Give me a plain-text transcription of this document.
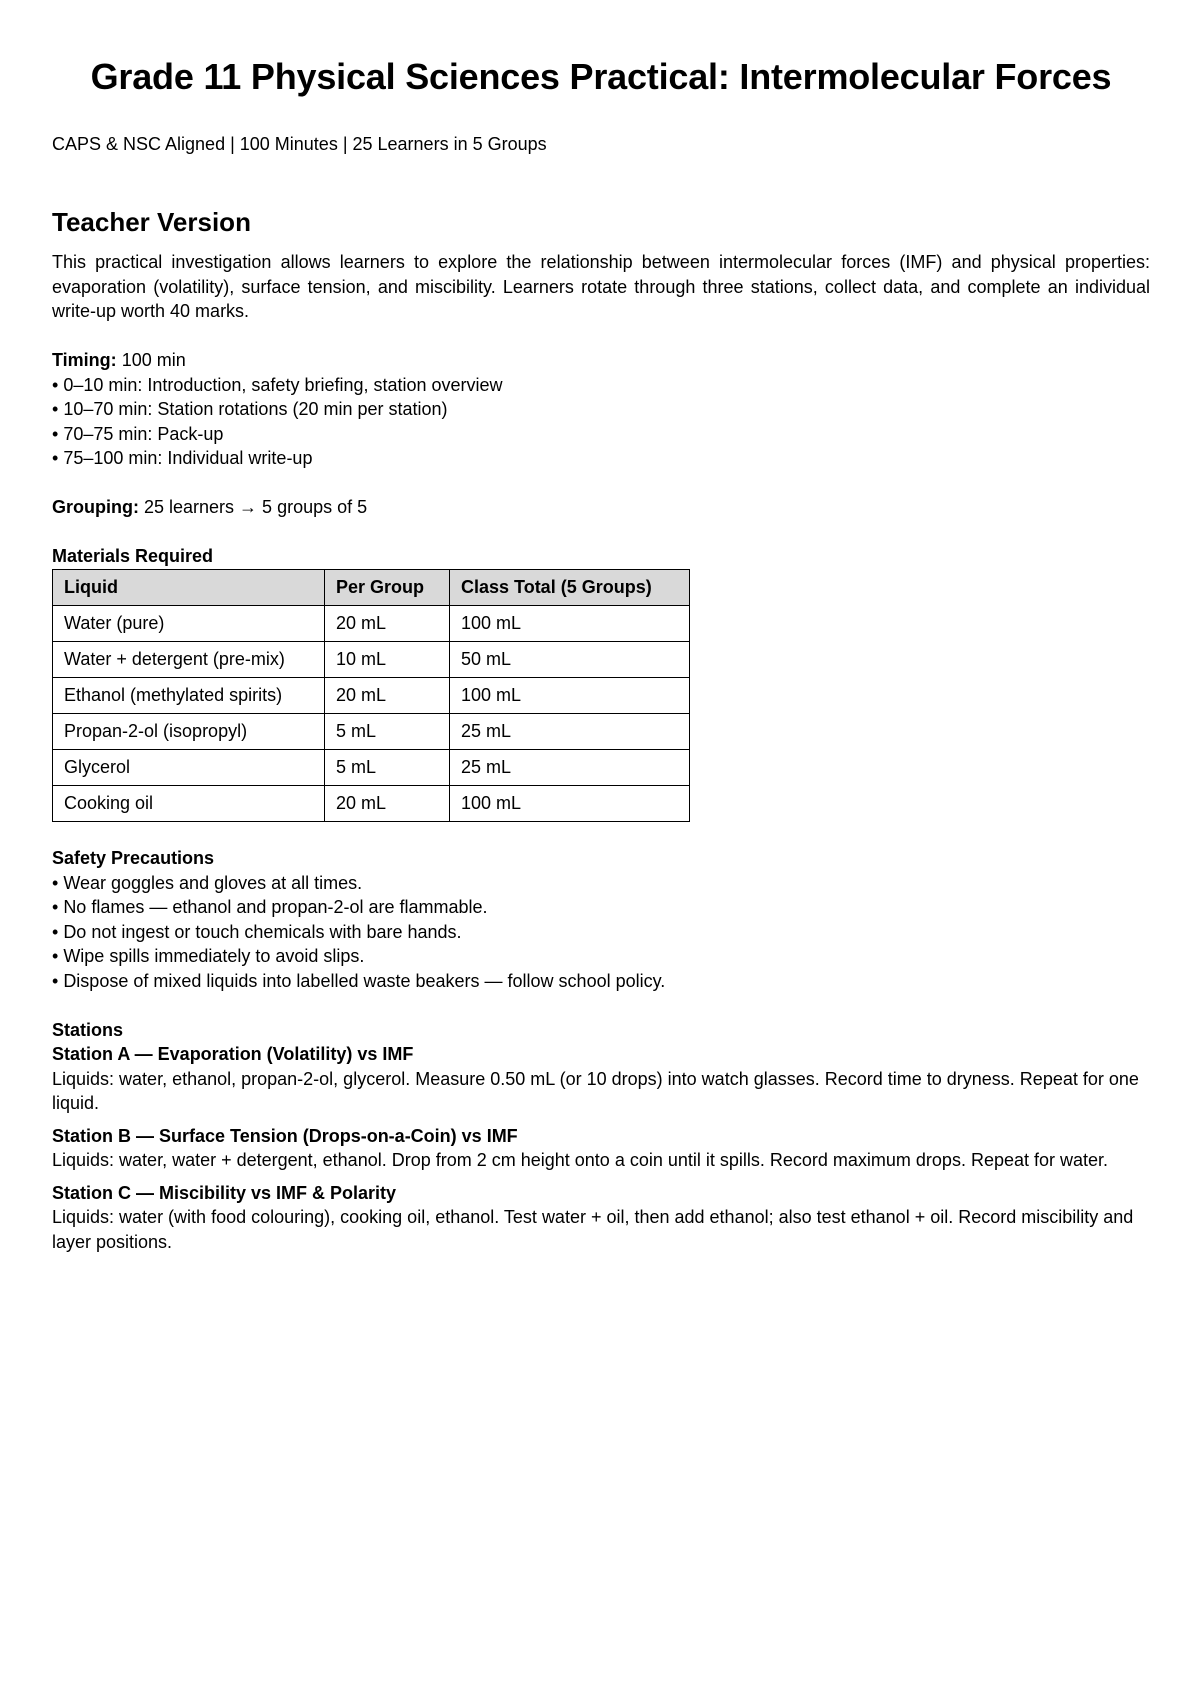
Grade 11 Physical Sciences Practical: Intermolecular Forces
CAPS & NSC Aligned | 100 Minutes | 25 Learners in 5 Groups
Teacher Version
This practical investigation allows learners to explore the relationship between intermolecular forces (IMF) and physical properties: evaporation (volatility), surface tension, and miscibility. Learners rotate through three stations, collect data, and complete an individual write-up worth 40 marks.
Timing: 100 min
• 0–10 min: Introduction, safety briefing, station overview
• 10–70 min: Station rotations (20 min per station)
• 70–75 min: Pack-up
• 75–100 min: Individual write-up
Grouping: 25 learners → 5 groups of 5
Materials Required
Liquid	Per Group	Class Total (5 Groups)
Water (pure)	20 mL	100 mL
Water + detergent (pre-mix)	10 mL	50 mL
Ethanol (methylated spirits)	20 mL	100 mL
Propan-2-ol (isopropyl)	5 mL	25 mL
Glycerol	5 mL	25 mL
Cooking oil	20 mL	100 mL
Safety Precautions
• Wear goggles and gloves at all times.
• No flames — ethanol and propan-2-ol are flammable.
• Do not ingest or touch chemicals with bare hands.
• Wipe spills immediately to avoid slips.
• Dispose of mixed liquids into labelled waste beakers — follow school policy.
Stations
Station A — Evaporation (Volatility) vs IMF
Liquids: water, ethanol, propan-2-ol, glycerol. Measure 0.50 mL (or 10 drops) into watch glasses. Record time to dryness. Repeat for one liquid.
Station B — Surface Tension (Drops-on-a-Coin) vs IMF
Liquids: water, water + detergent, ethanol. Drop from 2 cm height onto a coin until it spills. Record maximum drops. Repeat for water.
Station C — Miscibility vs IMF & Polarity
Liquids: water (with food colouring), cooking oil, ethanol. Test water + oil, then add ethanol; also test ethanol + oil. Record miscibility and layer positions.
